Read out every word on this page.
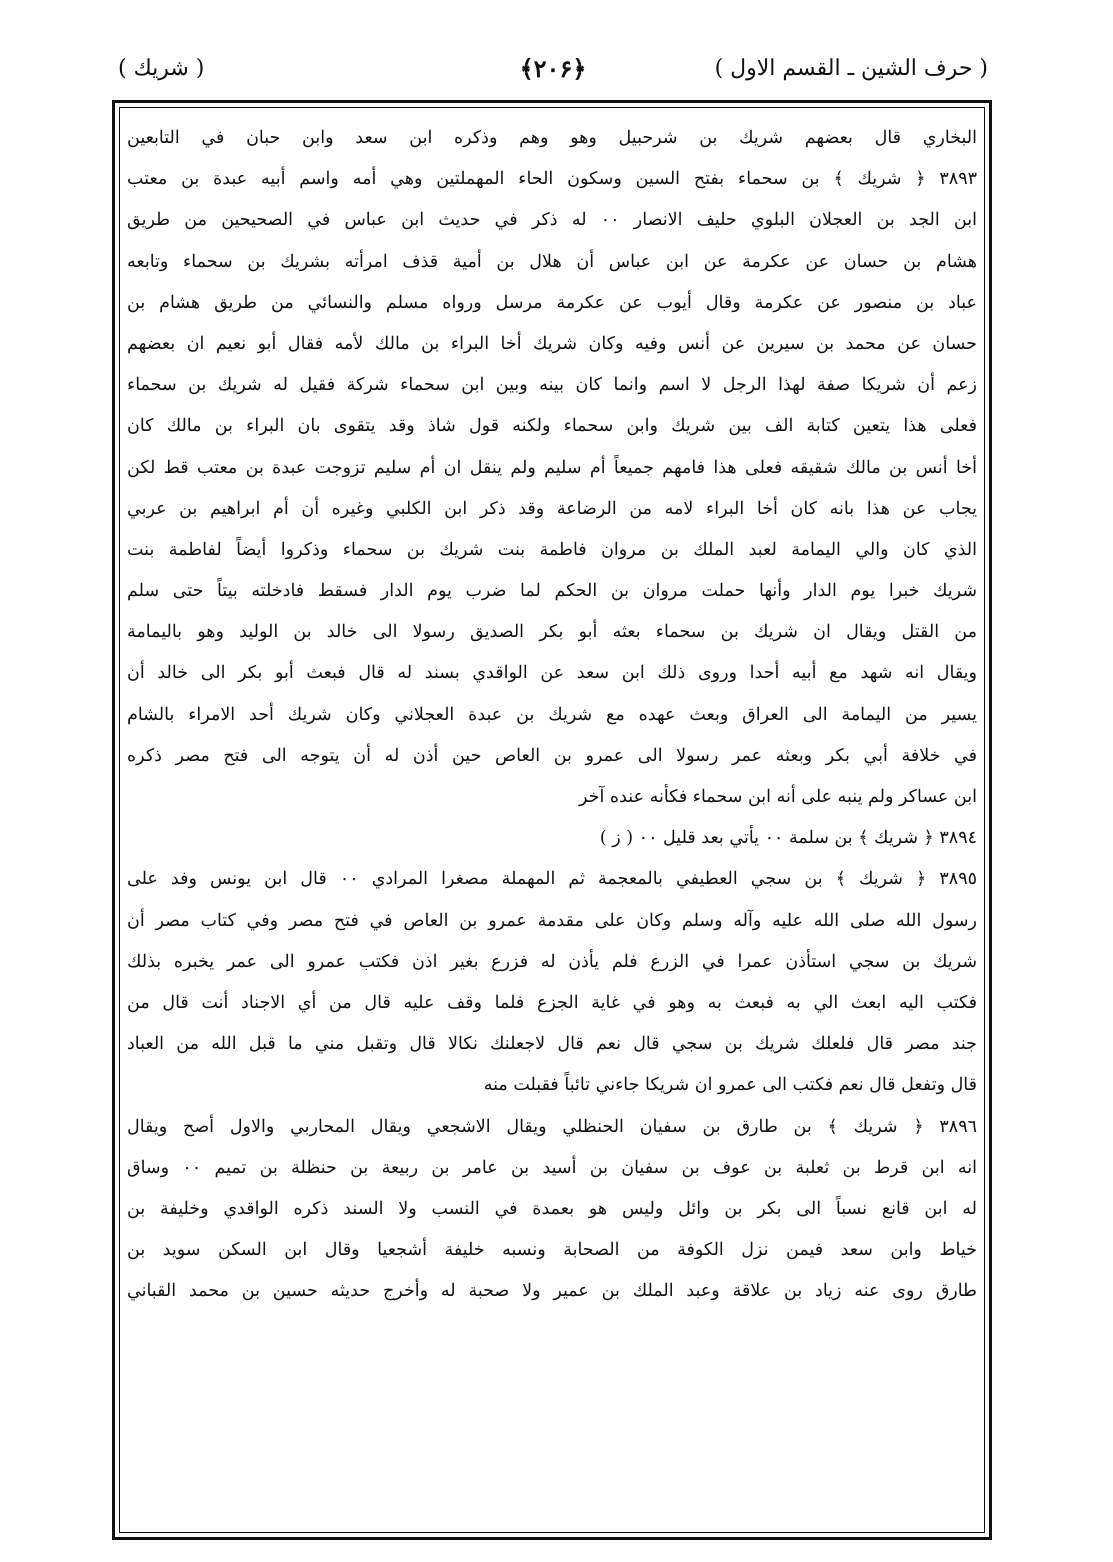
( حرف الشين ـ القسم الاول )
﴿۲۰۶﴾
( شريك )
البخاري قال بعضهم شريك بن شرحبيل وهو وهم وذكره ابن سعد وابن حبان في التابعين
٣٨٩٣ ﴿ شريك ﴾ بن سحماء بفتح السين وسكون الحاء المهملتين وهي أمه واسم أبيه عبدة بن معتب
ابن الجد بن العجلان البلوي حليف الانصار ٠٠ له ذكر في حديث ابن عباس في الصحيحين من طريق
هشام بن حسان عن عكرمة عن ابن عباس أن هلال بن أمية قذف امرأته بشريك بن سحماء وتابعه
عباد بن منصور عن عكرمة وقال أيوب عن عكرمة مرسل ورواه مسلم والنسائي من طريق هشام بن
حسان عن محمد بن سيرين عن أنس وفيه وكان شريك أخا البراء بن مالك لأمه فقال أبو نعيم ان بعضهم
زعم أن شريكا صفة لهذا الرجل لا اسم وانما كان بينه وبين ابن سحماء شركة فقيل له شريك بن سحماء
فعلى هذا يتعين كتابة الف بين شريك وابن سحماء ولكنه قول شاذ وقد يتقوى بان البراء بن مالك كان
أخا أنس بن مالك شقيقه فعلى هذا فامهم جميعاً أم سليم ولم ينقل ان أم سليم تزوجت عبدة بن معتب قط لكن
يجاب عن هذا بانه كان أخا البراء لامه من الرضاعة وقد ذكر ابن الكلبي وغيره أن أم ابراهيم بن عربي
الذي كان والي اليمامة لعبد الملك بن مروان فاطمة بنت شريك بن سحماء وذكروا أيضاً لفاطمة بنت
شريك خبرا يوم الدار وأنها حملت مروان بن الحكم لما ضرب يوم الدار فسقط فادخلته بيتاً حتى سلم
من القتل ويقال ان شريك بن سحماء بعثه أبو بكر الصديق رسولا الى خالد بن الوليد وهو باليمامة
ويقال انه شهد مع أبيه أحدا وروى ذلك ابن سعد عن الواقدي بسند له قال فبعث أبو بكر الى خالد أن
يسير من اليمامة الى العراق وبعث عهده مع شريك بن عبدة العجلاني وكان شريك أحد الامراء بالشام
في خلافة أبي بكر وبعثه عمر رسولا الى عمرو بن العاص حين أذن له أن يتوجه الى فتح مصر ذكره
ابن عساكر ولم ينبه على أنه ابن سحماء فكأنه عنده آخر
٣٨٩٤ ﴿ شريك ﴾ بن سلمة ٠٠ يأتي بعد قليل ٠٠ ( ز )
٣٨٩٥ ﴿ شريك ﴾ بن سجي العطيفي بالمعجمة ثم المهملة مصغرا المرادي ٠٠ قال ابن يونس وفد على
رسول الله صلى الله عليه وآله وسلم وكان على مقدمة عمرو بن العاص في فتح مصر وفي كتاب مصر أن
شريك بن سجي استأذن عمرا في الزرع فلم يأذن له فزرع بغير اذن فكتب عمرو الى عمر يخبره بذلك
فكتب اليه ابعث الي به فبعث به وهو في غاية الجزع فلما وقف عليه قال من أي الاجناد أنت قال من
جند مصر قال فلعلك شريك بن سجي قال نعم قال لاجعلنك نكالا قال وتقبل مني ما قبل الله من العباد
قال وتفعل قال نعم فكتب الى عمرو ان شريكا جاءني تائباً فقبلت منه
٣٨٩٦ ﴿ شريك ﴾ بن طارق بن سفيان الحنظلي ويقال الاشجعي ويقال المحاربي والاول أصح ويقال
انه ابن قرط بن ثعلبة بن عوف بن سفيان بن أسيد بن عامر بن ربيعة بن حنظلة بن تميم ٠٠ وساق
له ابن قانع نسباً الى بكر بن وائل وليس هو بعمدة في النسب ولا السند ذكره الواقدي وخليفة بن
خياط وابن سعد فيمن نزل الكوفة من الصحابة ونسبه خليفة أشجعيا وقال ابن السكن سويد بن
طارق روى عنه زياد بن علاقة وعبد الملك بن عمير ولا صحبة له وأخرج حديثه حسين بن محمد القباني
